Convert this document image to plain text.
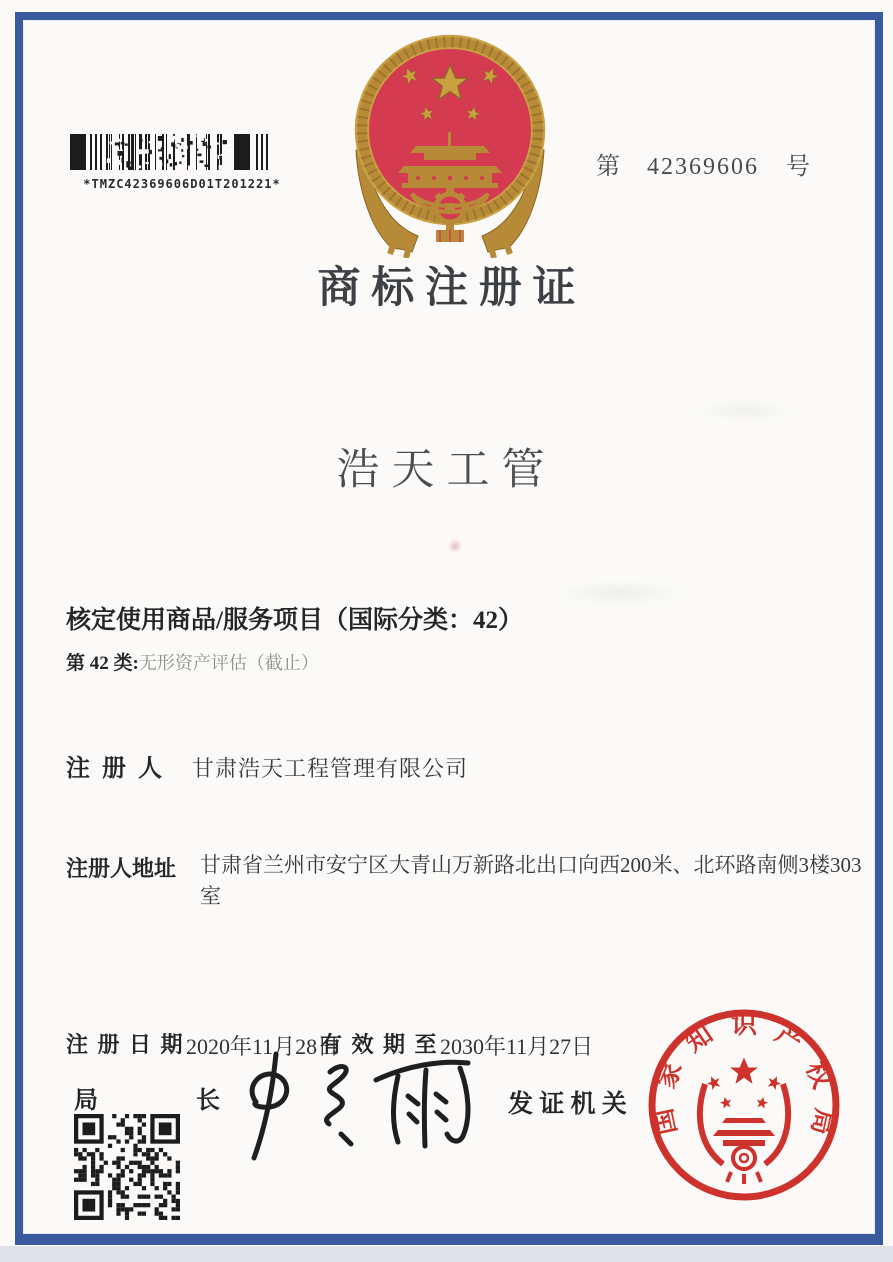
*TMZC42369606D01T201221*
第 42369606 号
商 标 注 册 证
浩天工管
核定使用商品/服务项目（国际分类：42）
第 42 类:无形资产评估（截止）
注 册 人 甘肃浩天工程管理有限公司
注册人地址 甘肃省兰州市安宁区大青山万新路北出口向西200米、北环路南侧3楼303室
注 册 日 期 2020年11月28日
有 效 期 至 2030年11月27日
局	长	发 证 机 关
国
家
知 识 产
权
局
